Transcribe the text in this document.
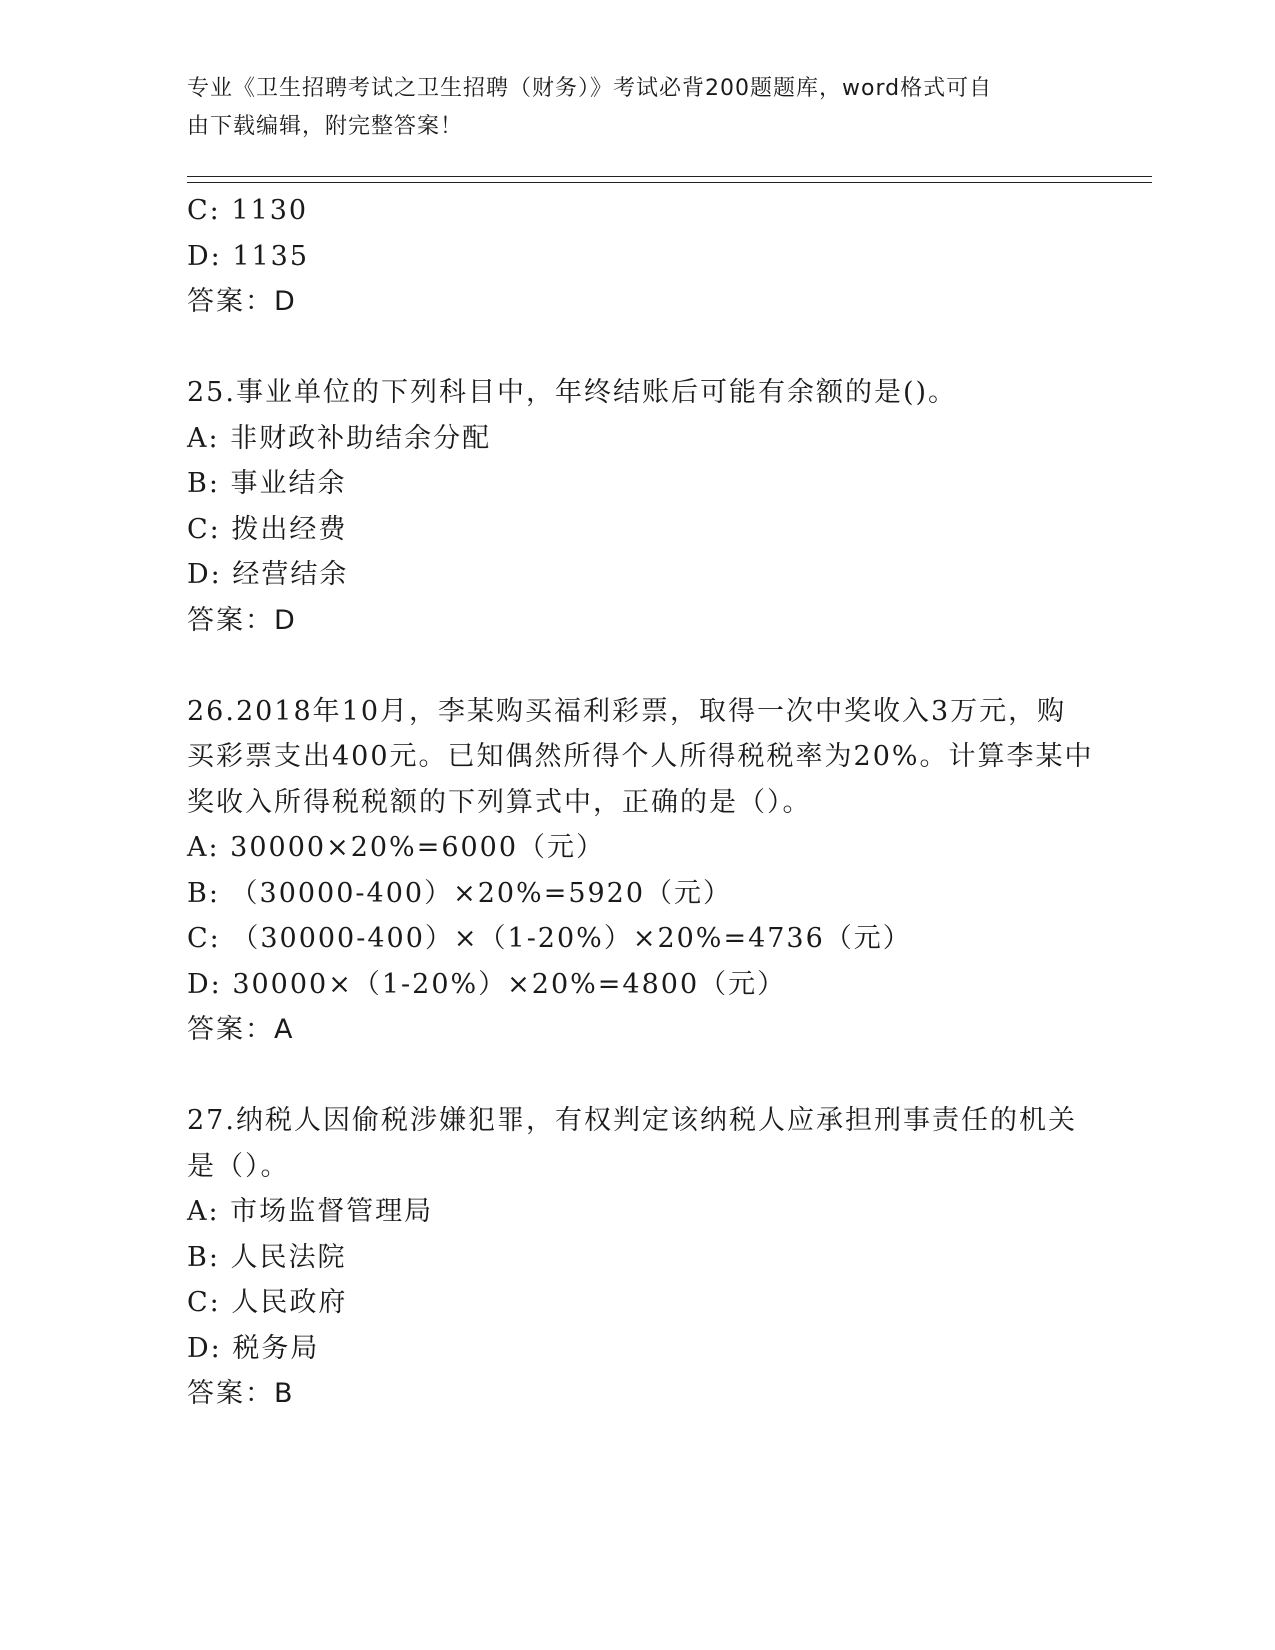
专业《卫生招聘考试之卫生招聘（财务）》考试必背200题题库，word格式可自
由下载编辑，附完整答案！
C: 1130
D: 1135
答案：D
25.事业单位的下列科目中，年终结账后可能有余额的是()。
A: 非财政补助结余分配
B: 事业结余
C: 拨出经费
D: 经营结余
答案：D
26.2018年10月，李某购买福利彩票，取得一次中奖收入3万元，购
买彩票支出400元。已知偶然所得个人所得税税率为20%。计算李某中
奖收入所得税税额的下列算式中，正确的是（）。
A: 30000×20%=6000（元）
B: （30000-400）×20%=5920（元）
C: （30000-400）×（1-20%）×20%=4736（元）
D: 30000×（1-20%）×20%=4800（元）
答案：A
27.纳税人因偷税涉嫌犯罪，有权判定该纳税人应承担刑事责任的机关
是（）。
A: 市场监督管理局
B: 人民法院
C: 人民政府
D: 税务局
答案：B
